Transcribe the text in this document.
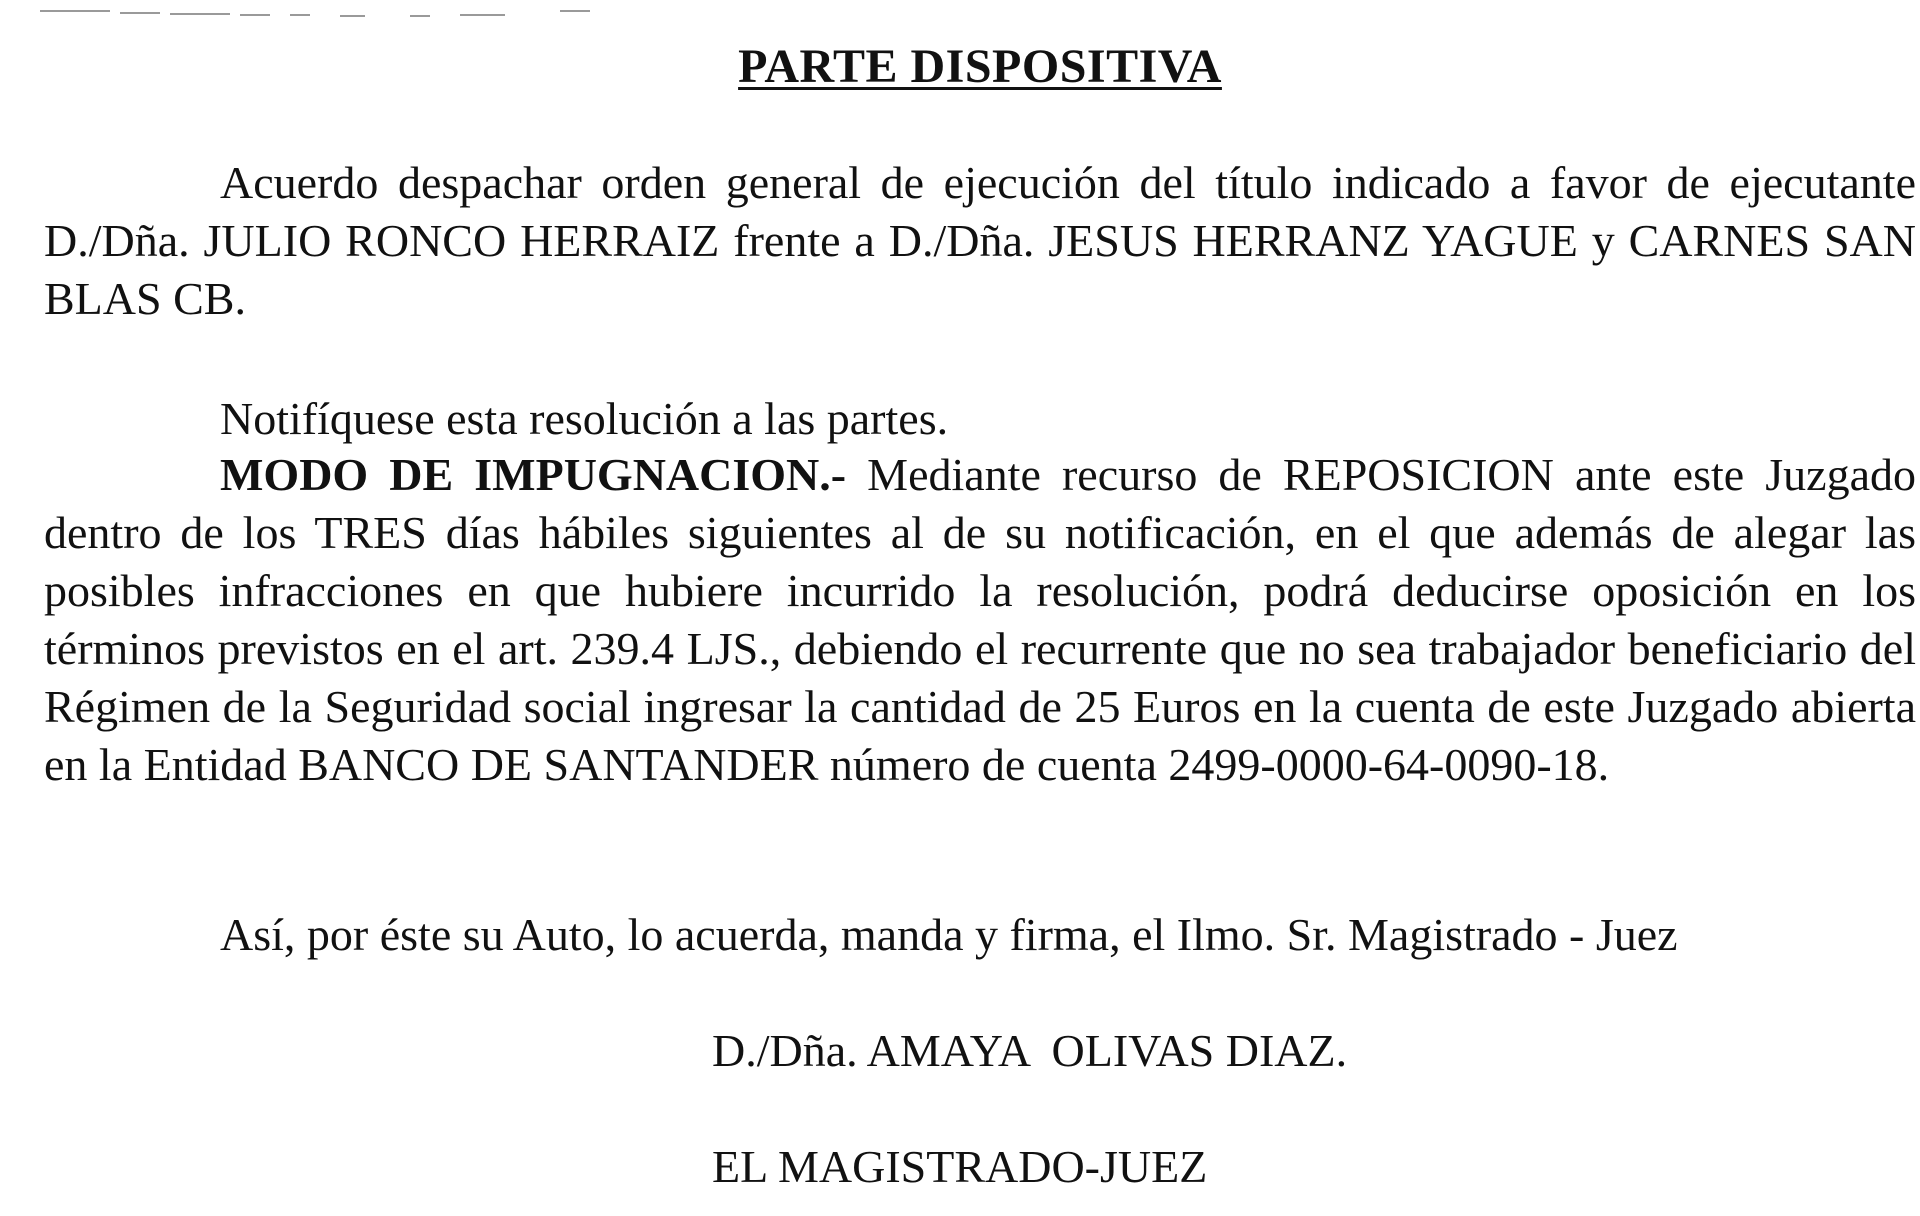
PARTE DISPOSITIVA

Acuerdo despachar orden general de ejecución del título indicado a favor de ejecutante D./Dña. JULIO RONCO HERRAIZ frente a D./Dña. JESUS HERRANZ YAGUE y CARNES SAN BLAS CB.

Notifíquese esta resolución a las partes.

MODO DE IMPUGNACION.- Mediante recurso de REPOSICION ante este Juzgado dentro de los TRES días hábiles siguientes al de su notificación, en el que además de alegar las posibles infracciones en que hubiere incurrido la resolución, podrá deducirse oposición en los términos previstos en el art. 239.4 LJS., debiendo el recurrente que no sea trabajador beneficiario del Régimen de la Seguridad social ingresar la cantidad de 25 Euros en la cuenta de este Juzgado abierta en la Entidad BANCO DE SANTANDER número de cuenta 2499-0000-64-0090-18.

Así, por éste su Auto, lo acuerda, manda y firma, el Ilmo. Sr. Magistrado - Juez

D./Dña. AMAYA  OLIVAS DIAZ.

EL MAGISTRADO-JUEZ
